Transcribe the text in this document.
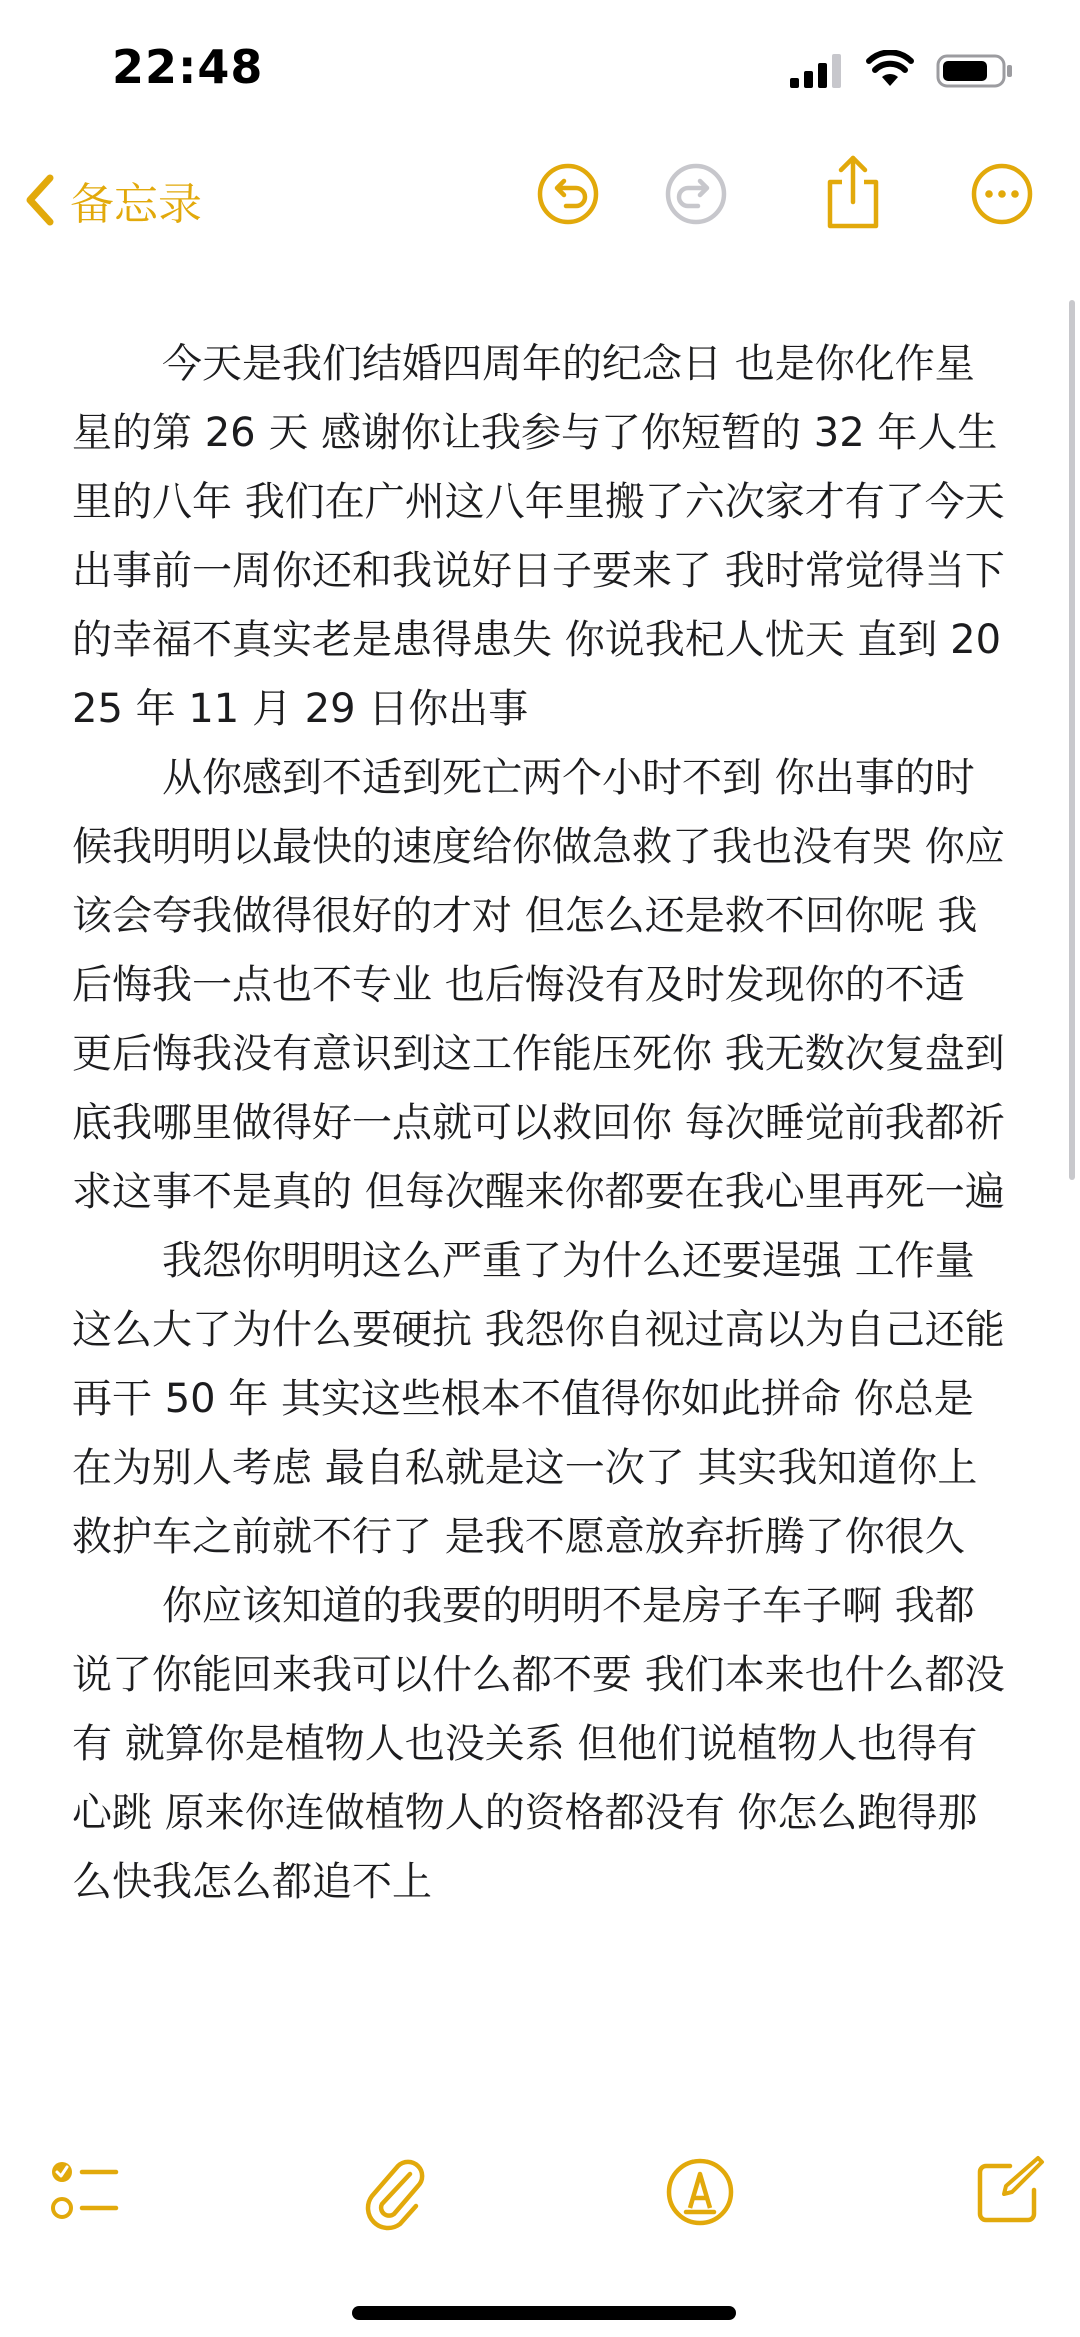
22:48
备忘录

今天是我们结婚四周年的纪念日 也是你化作星星的第 26 天 感谢你让我参与了你短暂的 32 年人生里的八年 我们在广州这八年里搬了六次家才有了今天 出事前一周你还和我说好日子要来了 我时常觉得当下的幸福不真实老是患得患失 你说我杞人忧天 直到 2025 年 11 月 29 日你出事

从你感到不适到死亡两个小时不到 你出事的时候我明明以最快的速度给你做急救了我也没有哭 你应该会夸我做得很好的才对 但怎么还是救不回你呢 我后悔我一点也不专业 也后悔没有及时发现你的不适 更后悔我没有意识到这工作能压死你 我无数次复盘到底我哪里做得好一点就可以救回你 每次睡觉前我都祈求这事不是真的 但每次醒来你都要在我心里再死一遍

我怨你明明这么严重了为什么还要逞强 工作量这么大了为什么要硬抗 我怨你自视过高以为自己还能再干 50 年 其实这些根本不值得你如此拼命 你总是在为别人考虑 最自私就是这一次了 其实我知道你上救护车之前就不行了 是我不愿意放弃折腾了你很久

你应该知道的我要的明明不是房子车子啊 我都说了你能回来我可以什么都不要 我们本来也什么都没有 就算你是植物人也没关系 但他们说植物人也得有心跳 原来你连做植物人的资格都没有 你怎么跑得那么快我怎么都追不上
